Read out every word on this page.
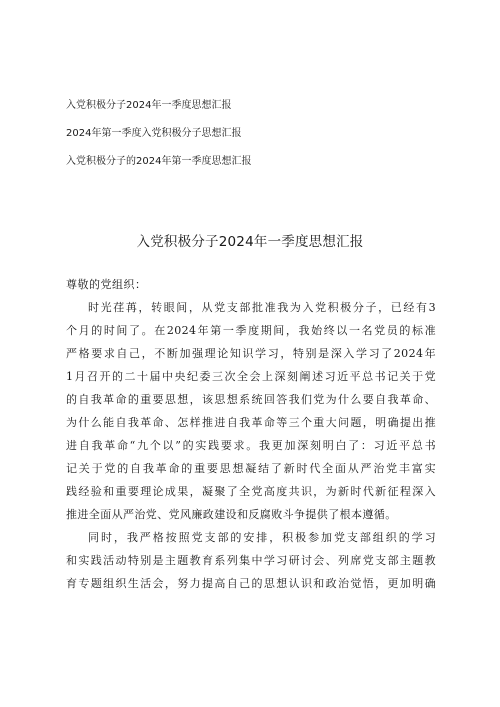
入党积极分子2024年一季度思想汇报
2024年第一季度入党积极分子思想汇报
入党积极分子的2024年第一季度思想汇报
入党积极分子2024年一季度思想汇报
尊敬的党组织：
时光荏苒，转眼间，从党支部批准我为入党积极分子，已经有3
个月的时间了。在2024年第一季度期间，我始终以一名党员的标准
严格要求自己，不断加强理论知识学习，特别是深入学习了2024年
1月召开的二十届中央纪委三次全会上深刻阐述习近平总书记关于党
的自我革命的重要思想，该思想系统回答我们党为什么要自我革命、
为什么能自我革命、怎样推进自我革命等三个重大问题，明确提出推
进自我革命“九个以”的实践要求。我更加深刻明白了：习近平总书
记关于党的自我革命的重要思想凝结了新时代全面从严治党丰富实
践经验和重要理论成果，凝聚了全党高度共识，为新时代新征程深入
推进全面从严治党、党风廉政建设和反腐败斗争提供了根本遵循。
同时，我严格按照党支部的安排，积极参加党支部组织的学习
和实践活动特别是主题教育系列集中学习研讨会、列席党支部主题教
育专题组织生活会，努力提高自己的思想认识和政治觉悟，更加明确
